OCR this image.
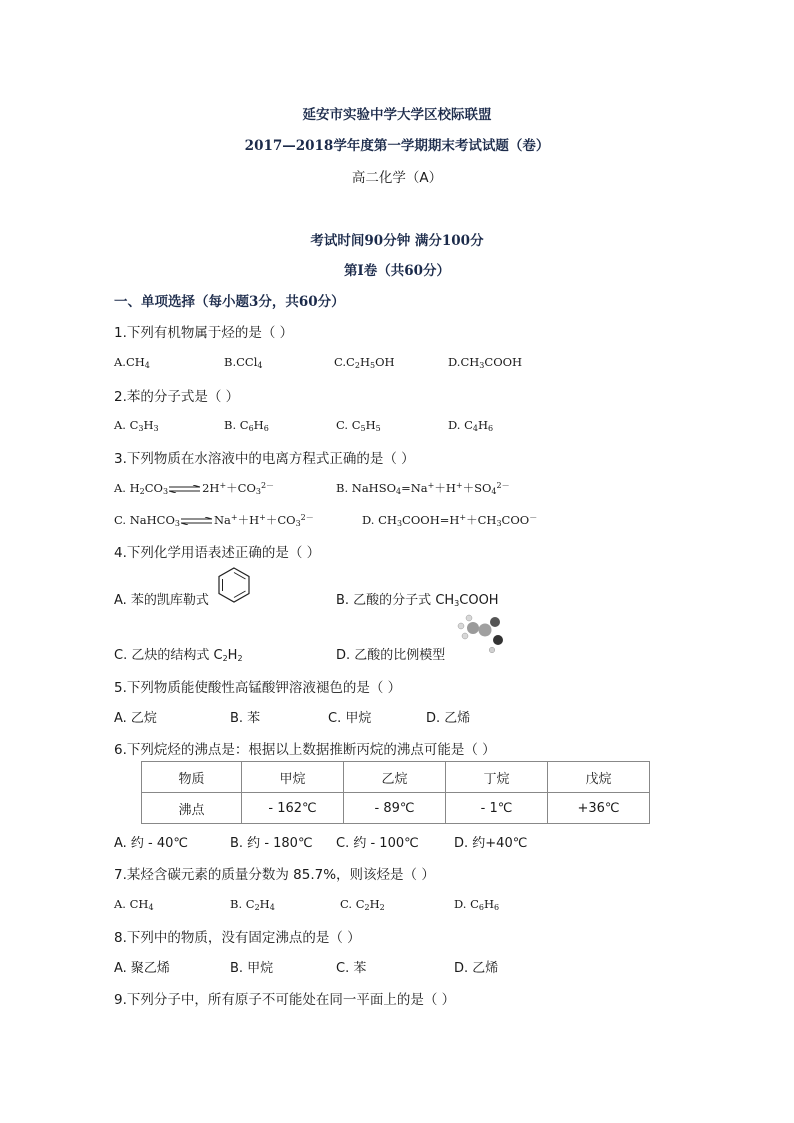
延安市实验中学大学区校际联盟
2017—2018学年度第一学期期末考试试题（卷）
高二化学（A）
考试时间90分钟 满分100分
第Ⅰ卷（共60分）
一、单项选择（每小题3分，共60分）
1.下列有机物属于烃的是（ ）
$A.CH_4$	B.CCl$_4$	$C.C_2H_5OH$	$D.CH_3COOH$
2.苯的分子式是（ ）
A. $C_3H_3$	B. $C_6H_6$	C. $C_5H_5$	D. $C_4H_6$
3.下列物质在水溶液中的电离方程式正确的是（ ）
A. $H_2CO_3\rightleftharpoons 2H^++CO_3^{2-}$	B. $NaHSO_4=Na^++H^++SO_4^{2-}$
C. $NaHCO_3\rightleftharpoons Na^++H^++CO_3^{2-}$	D. $CH_3COOH=H^++CH_3COO^-$
4.下列化学用语表述正确的是（ ）
A. 苯的凯库勒式	B. 乙酸的分子式 $CH_3COOH$
C. 乙炔的结构式 $C_2H_2$	D. 乙酸的比例模型
5.下列物质能使酸性高锰酸钾溶液褪色的是（ ）
A. 乙烷	B. 苯	C. 甲烷	D. 乙烯
6.下列烷烃的沸点是：根据以上数据推断丙烷的沸点可能是（ ）
物质	甲烷	乙烷	丁烷	戊烷
沸点	- 162℃	- 89℃	- 1℃	+36℃
A. 约 - 40℃	B. 约 - 180℃ C. 约 - 100℃	D. 约+40℃
7.某烃含碳元素的质量分数为 85.7%，则该烃是（ ）
A. $CH_4$	B. $C_2H_4$	C. $C_2H_2$	D. $C_6H_6$
8.下列中的物质，没有固定沸点的是（ ）
A. 聚乙烯	B. 甲烷	C. 苯	D. 乙烯
9.下列分子中，所有原子不可能处在同一平面上的是（ ）
